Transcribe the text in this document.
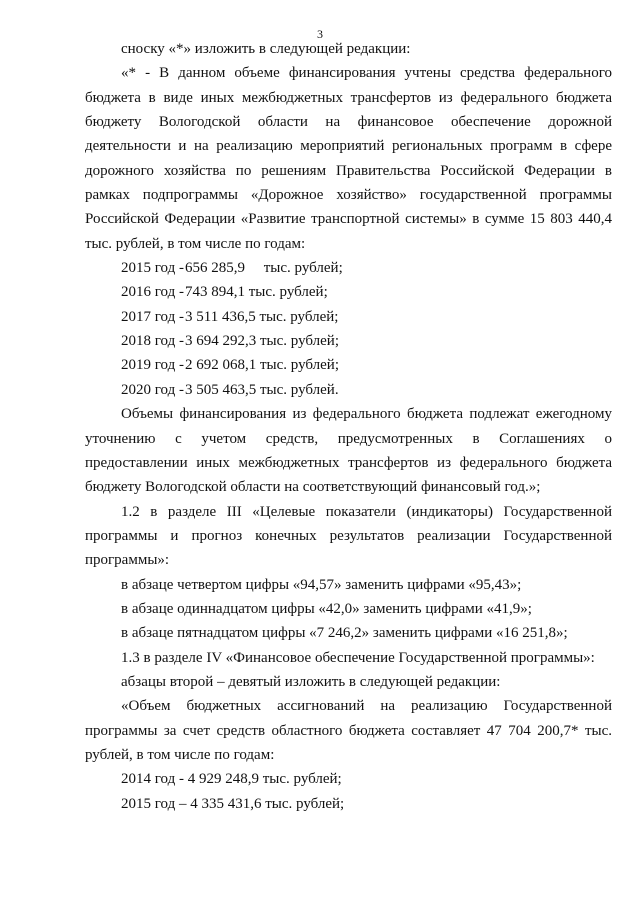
3

сноску «*» изложить в следующей редакции:

«* - В данном объеме финансирования учтены средства федерального

бюджета в виде иных межбюджетных трансфертов из федерального бюджета

бюджету Вологодской области на финансовое обеспечение дорожной

деятельности и на реализацию мероприятий региональных программ в сфере

дорожного хозяйства по решениям Правительства Российской Федерации в

рамках подпрограммы «Дорожное хозяйство» государственной программы

Российской Федерации «Развитие транспортной системы» в сумме 15 803 440,4

тыс. рублей, в том числе по годам:

2015 год -656 285,9     тыс. рублей;

2016 год -743 894,1 тыс. рублей;

2017 год -3 511 436,5 тыс. рублей;

2018 год -3 694 292,3 тыс. рублей;

2019 год -2 692 068,1 тыс. рублей;

2020 год -3 505 463,5 тыс. рублей.

Объемы финансирования из федерального бюджета подлежат ежегодному

уточнению с учетом средств, предусмотренных в Соглашениях о

предоставлении иных межбюджетных трансфертов из федерального бюджета

бюджету Вологодской области на соответствующий финансовый год.»;

1.2 в разделе III «Целевые показатели (индикаторы) Государственной

программы и прогноз конечных результатов реализации Государственной

программы»:

в абзаце четвертом цифры «94,57» заменить цифрами «95,43»;

в абзаце одиннадцатом цифры «42,0» заменить цифрами «41,9»;

в абзаце пятнадцатом цифры «7 246,2» заменить цифрами «16 251,8»;

1.3 в разделе IV «Финансовое обеспечение Государственной программы»:

абзацы второй – девятый изложить в следующей редакции:

«Объем бюджетных ассигнований на реализацию Государственной

программы за счет средств областного бюджета составляет 47 704 200,7* тыс.

рублей, в том числе по годам:

2014 год - 4 929 248,9 тыс. рублей;

2015 год – 4 335 431,6 тыс. рублей;
